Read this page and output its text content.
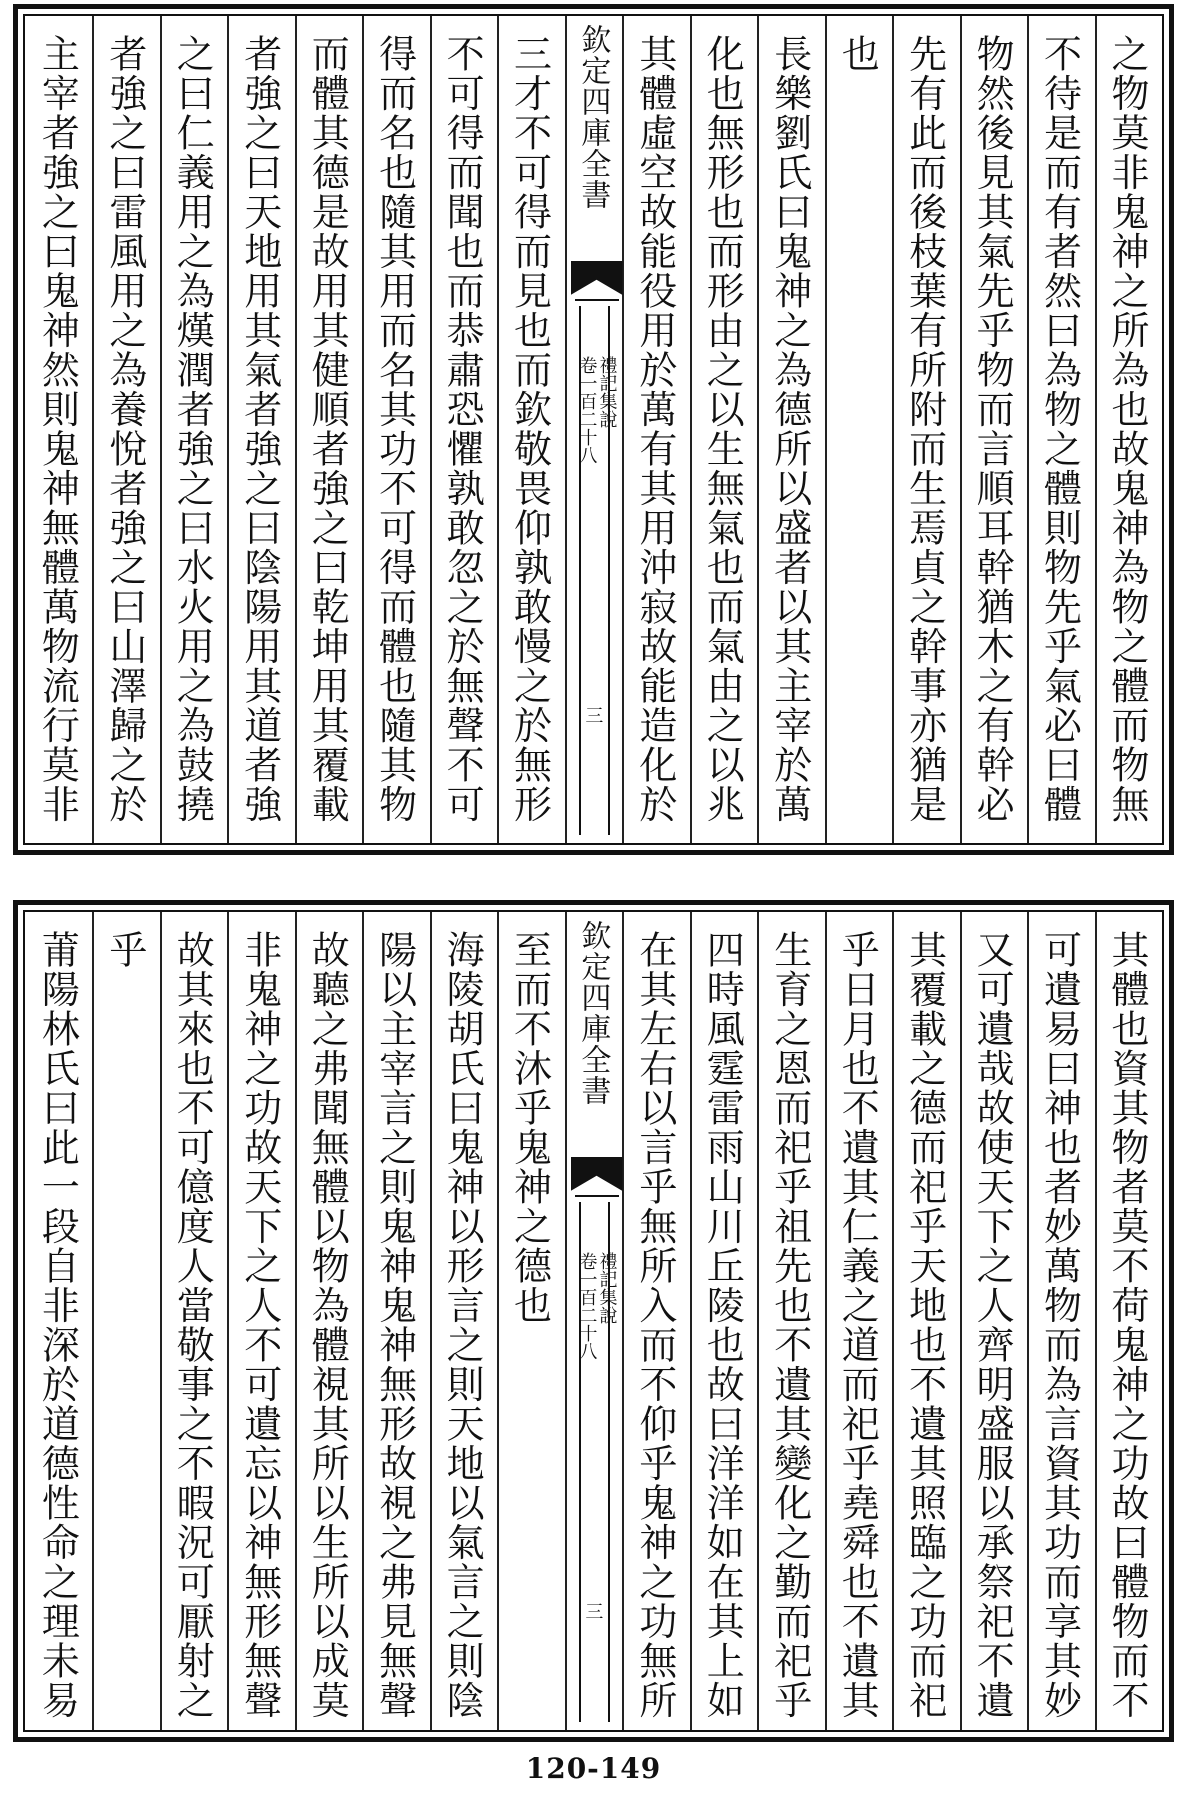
之物莫非鬼神之所為也故鬼神為物之體而物無
不待是而有者然曰為物之體則物先乎氣必曰體
物然後見其氣先乎物而言順耳幹猶木之有幹必
先有此而後枝葉有所附而生焉貞之幹事亦猶是
也
長樂劉氏曰鬼神之為德所以盛者以其主宰於萬
化也無形也而形由之以生無氣也而氣由之以兆
其體虛空故能役用於萬有其用沖寂故能造化於
欽定四庫全書
禮記集說
卷一百二十八
三
三才不可得而見也而欽敬畏仰孰敢慢之於無形
不可得而聞也而恭肅恐懼孰敢忽之於無聲不可
得而名也隨其用而名其功不可得而體也隨其物
而體其德是故用其健順者強之曰乾坤用其覆載
者強之曰天地用其氣者強之曰陰陽用其道者強
之曰仁義用之為熯潤者強之曰水火用之為鼓撓
者強之曰雷風用之為養悅者強之曰山澤歸之於
主宰者強之曰鬼神然則鬼神無體萬物流行莫非
其體也資其物者莫不荷鬼神之功故曰體物而不
可遺易曰神也者妙萬物而為言資其功而享其妙
又可遺哉故使天下之人齊明盛服以承祭祀不遺
其覆載之德而祀乎天地也不遺其照臨之功而祀
乎日月也不遺其仁義之道而祀乎堯舜也不遺其
生育之恩而祀乎祖先也不遺其變化之勤而祀乎
四時風霆雷雨山川丘陵也故曰洋洋如在其上如
在其左右以言乎無所入而不仰乎鬼神之功無所
欽定四庫全書
禮記集說
卷一百二十八
三
至而不沐乎鬼神之德也
海陵胡氏曰鬼神以形言之則天地以氣言之則陰
陽以主宰言之則鬼神鬼神無形故視之弗見無聲
故聽之弗聞無體以物為體視其所以生所以成莫
非鬼神之功故天下之人不可遺忘以神無形無聲
故其來也不可億度人當敬事之不暇況可厭射之
乎
莆陽林氏曰此一段自非深於道德性命之理未易
120-149
